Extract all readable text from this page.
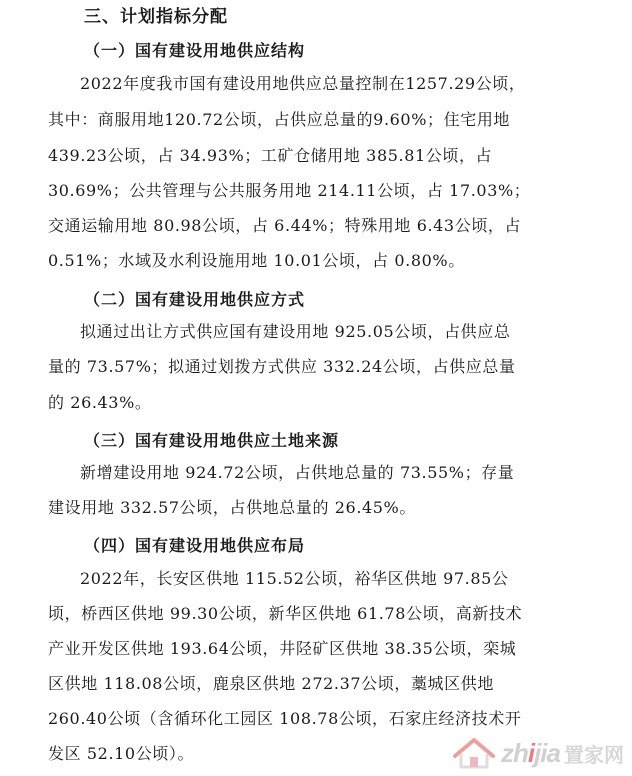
三、计划指标分配
（一）国有建设用地供应结构
2022年度我市国有建设用地供应总量控制在1257.29公顷，
其中：商服用地120.72公顷，占供应总量的9.60%；住宅用地
439.23公顷，占 34.93%；工矿仓储用地 385.81公顷，占
30.69%；公共管理与公共服务用地 214.11公顷，占 17.03%；
交通运输用地 80.98公顷，占 6.44%；特殊用地 6.43公顷，占
0.51%；水域及水利设施用地 10.01公顷，占 0.80%。
（二）国有建设用地供应方式
拟通过出让方式供应国有建设用地 925.05公顷，占供应总
量的 73.57%；拟通过划拨方式供应 332.24公顷，占供应总量
的 26.43%。
（三）国有建设用地供应土地来源
新增建设用地 924.72公顷，占供地总量的 73.55%；存量
建设用地 332.57公顷，占供地总量的 26.45%。
（四）国有建设用地供应布局
2022年，长安区供地 115.52公顷，裕华区供地 97.85公
顷，桥西区供地 99.30公顷，新华区供地 61.78公顷，高新技术
产业开发区供地 193.64公顷，井陉矿区供地 38.35公顷，栾城
区供地 118.08公顷，鹿泉区供地 272.37公顷，藁城区供地
260.40公顷（含循环化工园区 108.78公顷，石家庄经济技术开
发区 52.10公顷）。	zhijia 置家网
